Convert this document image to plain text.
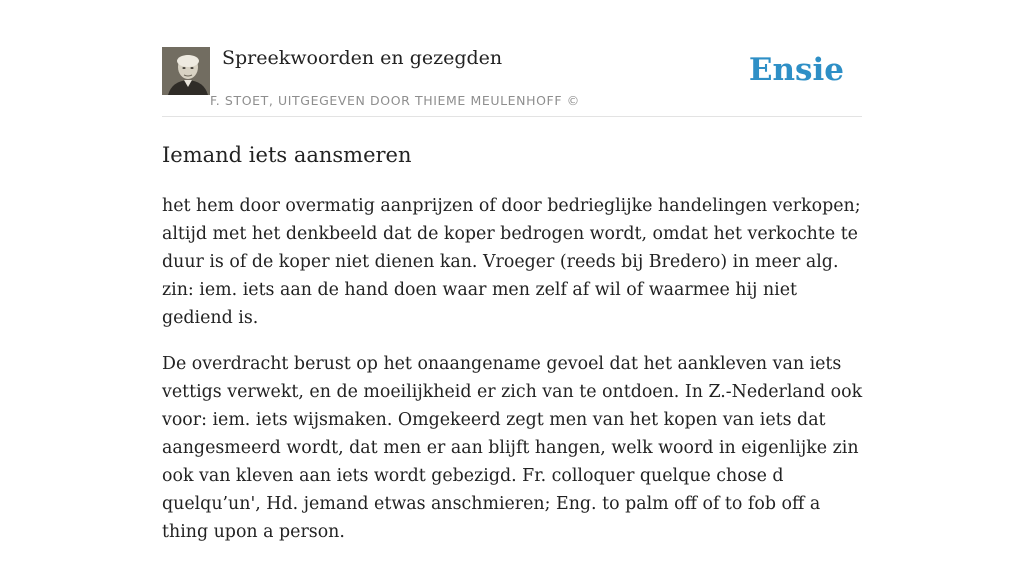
Spreekwoorden en gezegden
F. STOET, UITGEGEVEN DOOR THIEME MEULENHOFF ©
Ensie
Iemand iets aansmeren

het hem door overmatig aanprijzen of door bedrieglijke handelingen verkopen; altijd met het denkbeeld dat de koper bedrogen wordt, omdat het verkochte te duur is of de koper niet dienen kan. Vroeger (reeds bij Bredero) in meer alg. zin: iem. iets aan de hand doen waar men zelf af wil of waarmee hij niet gediend is.

De overdracht berust op het onaangename gevoel dat het aankleven van iets vettigs verwekt, en de moeilijkheid er zich van te ontdoen. In Z.-Nederland ook voor: iem. iets wijsmaken. Omgekeerd zegt men van het kopen van iets dat aangesmeerd wordt, dat men er aan blijft hangen, welk woord in eigenlijke zin ook van kleven aan iets wordt gebezigd. Fr. colloquer quelque chose d quelqu’un', Hd. jemand etwas anschmieren; Eng. to palm off of to fob off a thing upon a person.
